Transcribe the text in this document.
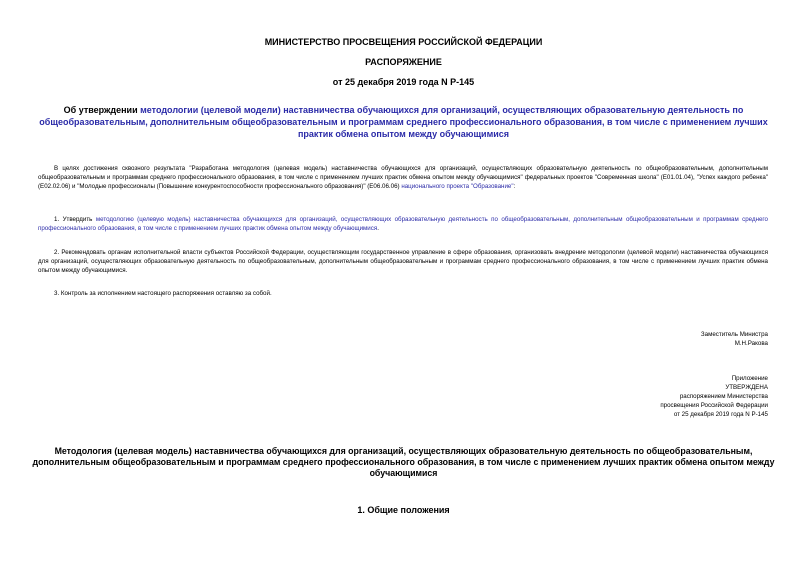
МИНИСТЕРСТВО ПРОСВЕЩЕНИЯ РОССИЙСКОЙ ФЕДЕРАЦИИ
РАСПОРЯЖЕНИЕ
от 25 декабря 2019 года N Р-145
Об утверждении методологии (целевой модели) наставничества обучающихся для организаций, осуществляющих образовательную деятельность по общеобразовательным, дополнительным общеобразовательным и программам среднего профессионального образования, в том числе с применением лучших практик обмена опытом между обучающимися
В целях достижения сквозного результата "Разработана методология (целевая модель) наставничества обучающихся для организаций, осуществляющих образовательную деятельность по общеобразовательным, дополнительным общеобразовательным и программам среднего профессионального образования, в том числе с применением лучших практик обмена опытом между обучающимися" федеральных проектов "Современная школа" (Е01.01.04), "Успех каждого ребенка" (Е02.02.06) и "Молодые профессионалы (Повышение конкурентоспособности профессионального образования)" (Е06.06.06) национального проекта "Образование":
1. Утвердить методологию (целевую модель) наставничества обучающихся для организаций, осуществляющих образовательную деятельность по общеобразовательным, дополнительным общеобразовательным и программам среднего профессионального образования, в том числе с применением лучших практик обмена опытом между обучающимися.
2. Рекомендовать органам исполнительной власти субъектов Российской Федерации, осуществляющим государственное управление в сфере образования, организовать внедрение методологии (целевой модели) наставничества обучающихся для организаций, осуществляющих образовательную деятельность по общеобразовательным, дополнительным общеобразовательным и программам среднего профессионального образования, в том числе с применением лучших практик обмена опытом между обучающимися.
3. Контроль за исполнением настоящего распоряжения оставляю за собой.
Заместитель Министра
М.Н.Ракова
Приложение
УТВЕРЖДЕНА
распоряжением Министерства
просвещения Российской Федерации
от 25 декабря 2019 года N Р-145
Методология (целевая модель) наставничества обучающихся для организаций, осуществляющих образовательную деятельность по общеобразовательным, дополнительным общеобразовательным и программам среднего профессионального образования, в том числе с применением лучших практик обмена опытом между обучающимися
1. Общие положения
